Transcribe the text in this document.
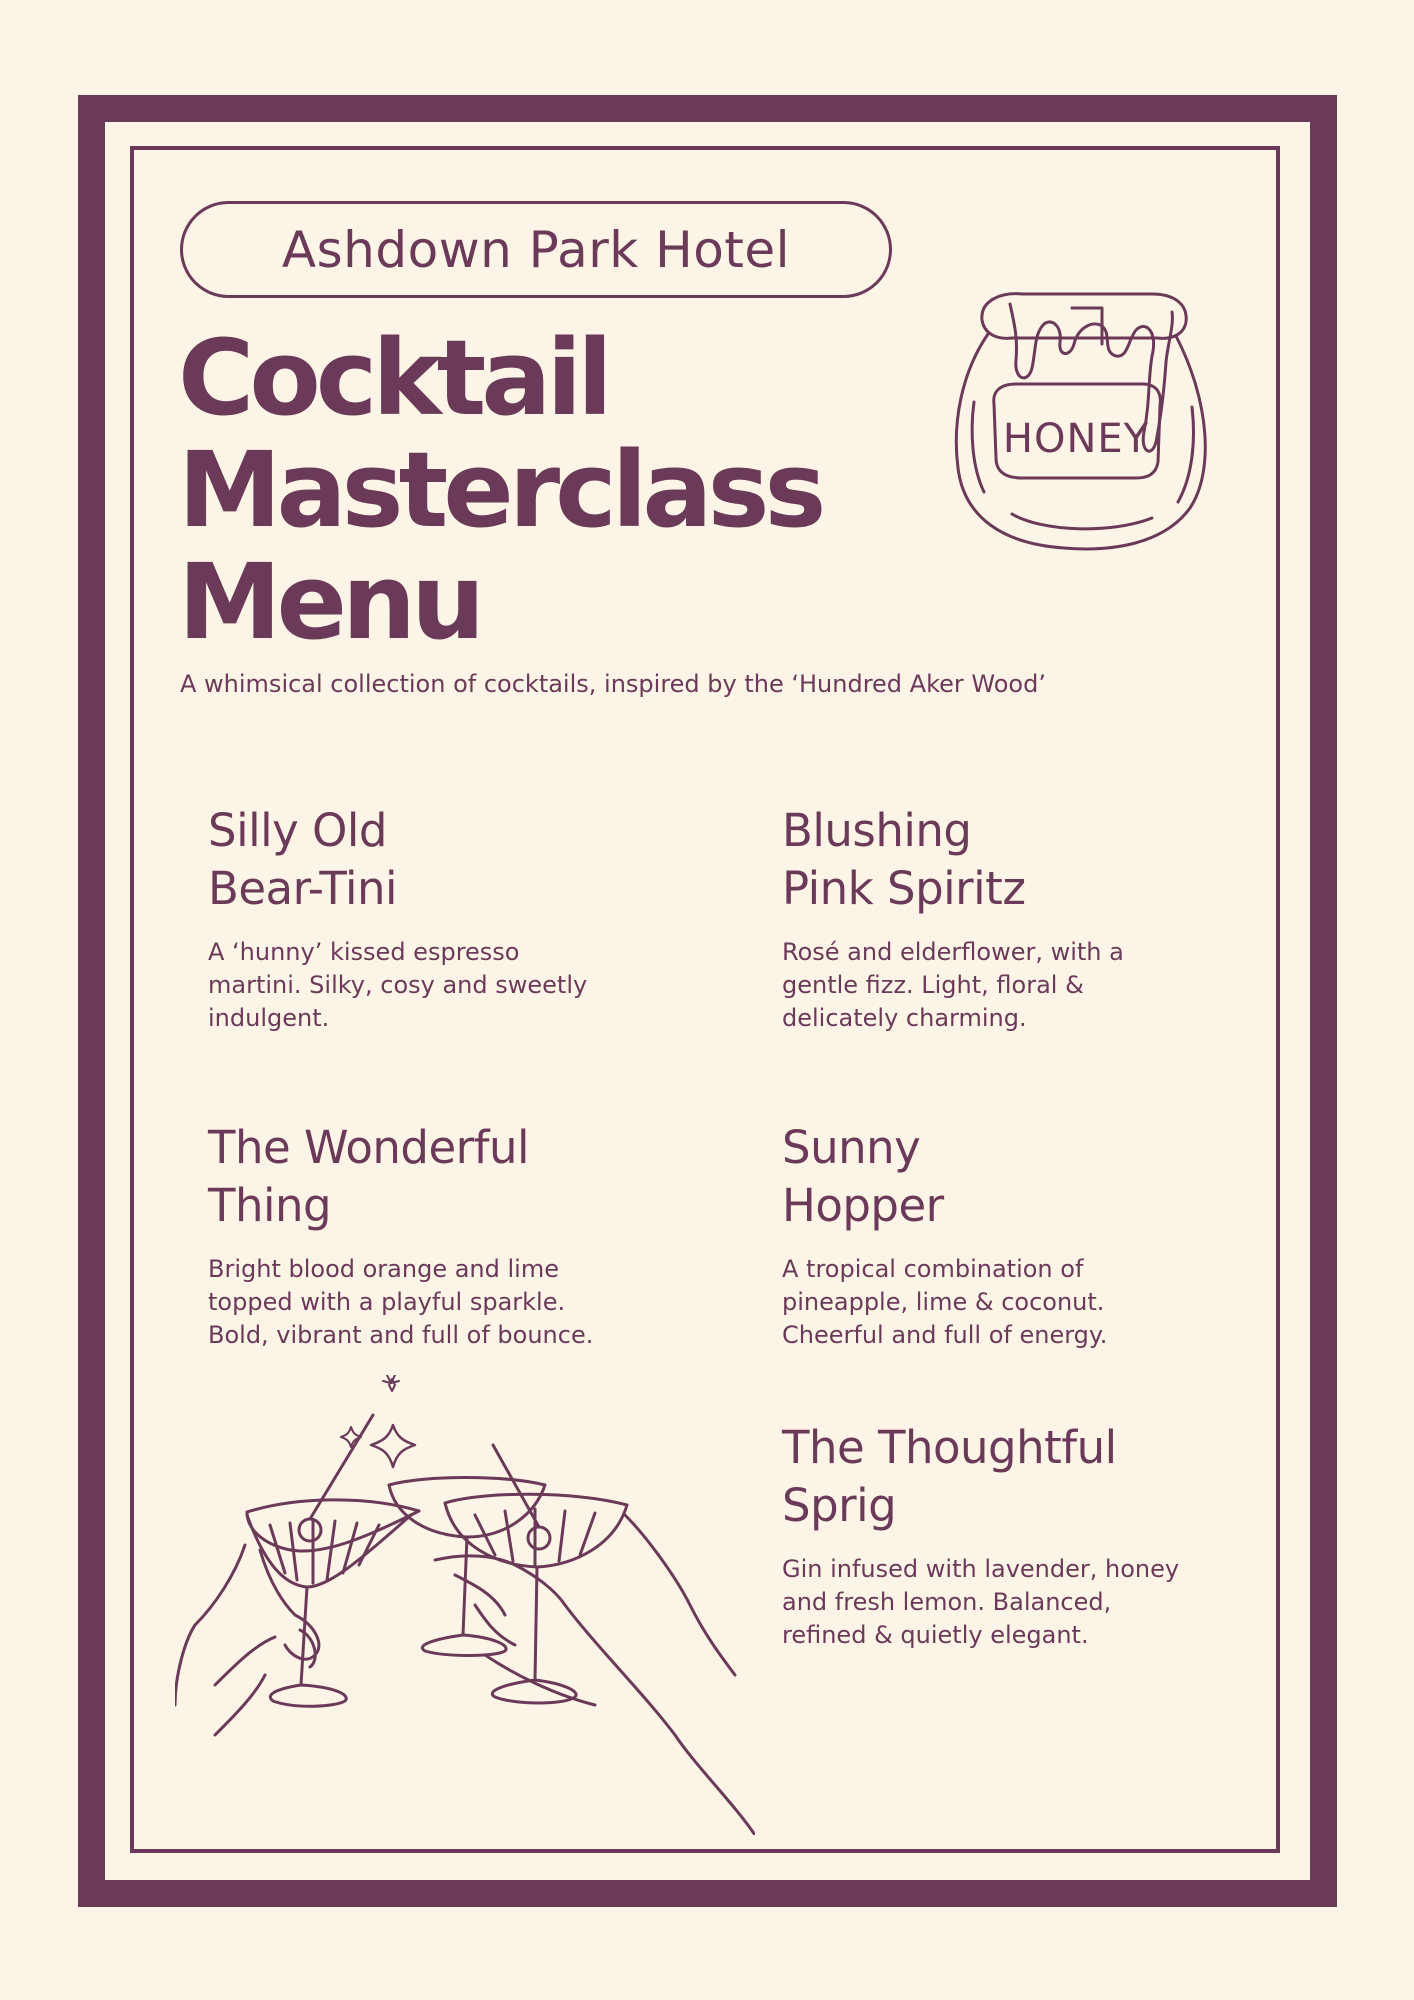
Ashdown Park Hotel
Cocktail
Masterclass
Menu
A whimsical collection of cocktails, inspired by the ‘Hundred Aker Wood’
HONEY
Silly Old
Bear-Tini

A ‘hunny’ kissed espresso
martini. Silky, cosy and sweetly
indulgent.

Blushing
Pink Spiritz

Rosé and elderflower, with a
gentle fizz. Light, floral &
delicately charming.

The Wonderful
Thing

Bright blood orange and lime
topped with a playful sparkle.
Bold, vibrant and full of bounce.

Sunny
Hopper

A tropical combination of
pineapple, lime & coconut.
Cheerful and full of energy.

The Thoughtful
Sprig

Gin infused with lavender, honey
and fresh lemon. Balanced,
refined & quietly elegant.
